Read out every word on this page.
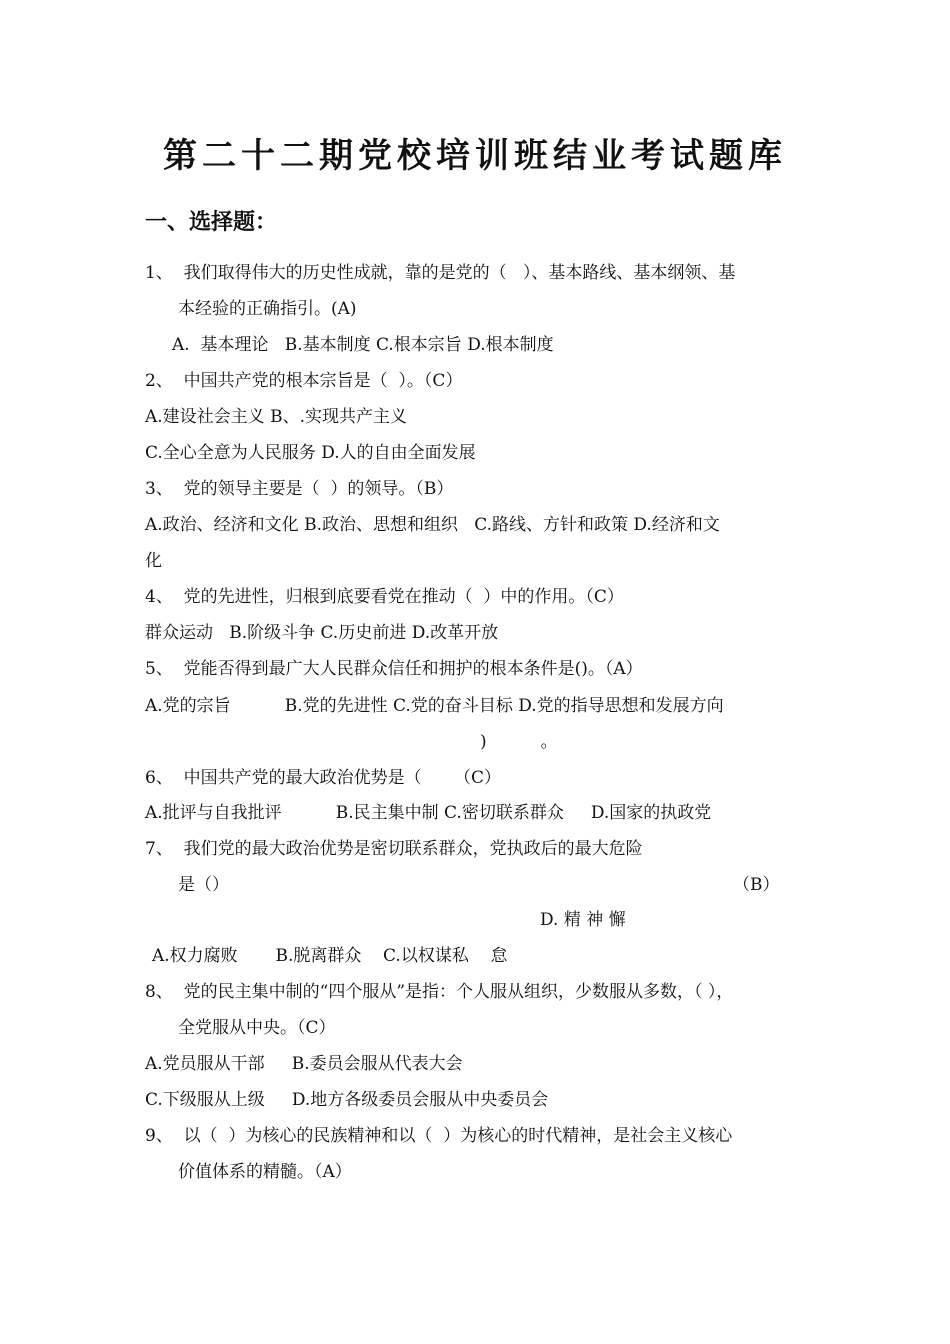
第二十二期党校培训班结业考试题库
一、选择题：

1、  我们取得伟大的历史性成就，靠的是党的（   ）、基本路线、基本纲领、基

本经验的正确指引。(A)

A.  基本理论   B.基本制度 C.根本宗旨 D.根本制度

2、  中国共产党的根本宗旨是（  ）。（C）

A.建设社会主义 B、.实现共产主义

C.全心全意为人民服务 D.人的自由全面发展

3、  党的领导主要是（  ）的领导。（B）

A.政治、经济和文化 B.政治、思想和组织   C.路线、方针和政策 D.经济和文

化

4、  党的先进性，归根到底要看党在推动（  ）中的作用。（C）

群众运动   B.阶级斗争 C.历史前进 D.改革开放

5、  党能否得到最广大人民群众信任和拥护的根本条件是()。（A）

A.党的宗旨          B.党的先进性 C.党的奋斗目标 D.党的指导思想和发展方向

)          。

6、  中国共产党的最大政治优势是（      （C）

A.批评与自我批评          B.民主集中制 C.密切联系群众     D.国家的执政党

7、  我们党的最大政治优势是密切联系群众，党执政后的最大危险

是（）	（B）

D. 精 神 懈

A.权力腐败       B.脱离群众    C.以权谋私    怠

8、  党的民主集中制的“四个服从”是指：个人服从组织，少数服从多数，（ ），

全党服从中央。（C）

A.党员服从干部     B.委员会服从代表大会

C.下级服从上级     D.地方各级委员会服从中央委员会

9、  以（  ）为核心的民族精神和以（  ）为核心的时代精神，是社会主义核心

价值体系的精髓。（A）
